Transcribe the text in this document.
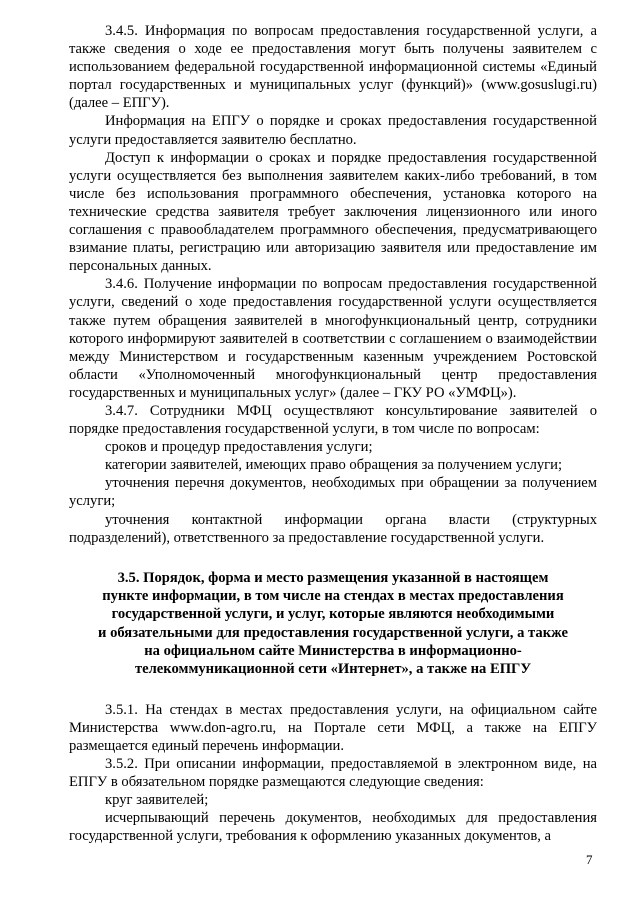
3.4.5. Информация по вопросам предоставления государственной услуги, а также сведения о ходе ее предоставления могут быть получены заявителем с использованием федеральной государственной информационной системы «Единый портал государственных и муниципальных услуг (функций)» (www.gosuslugi.ru) (далее – ЕПГУ).

Информация на ЕПГУ о порядке и сроках предоставления государственной услуги предоставляется заявителю бесплатно.

Доступ к информации о сроках и порядке предоставления государственной услуги осуществляется без выполнения заявителем каких-либо требований, в том числе без использования программного обеспечения, установка которого на технические средства заявителя требует заключения лицензионного или иного соглашения с правообладателем программного обеспечения, предусматривающего взимание платы, регистрацию или авторизацию заявителя или предоставление им персональных данных.

3.4.6. Получение информации по вопросам предоставления государственной услуги, сведений о ходе предоставления государственной услуги осуществляется также путем обращения заявителей в многофункциональный центр, сотрудники которого информируют заявителей в соответствии с соглашением о взаимодействии между Министерством и государственным казенным учреждением Ростовской области «Уполномоченный многофункциональный центр предоставления государственных и муниципальных услуг» (далее – ГКУ РО «УМФЦ»).

3.4.7. Сотрудники МФЦ осуществляют консультирование заявителей о порядке предоставления государственной услуги, в том числе по вопросам:

сроков и процедур предоставления услуги;

категории заявителей, имеющих право обращения за получением услуги;

уточнения перечня документов, необходимых при обращении за получением услуги;

уточнения контактной информации органа власти (структурных подразделений), ответственного за предоставление государственной услуги.

3.5. Порядок, форма и место размещения указанной в настоящем
пункте информации, в том числе на стендах в местах предоставления
государственной услуги, и услуг, которые являются необходимыми
и обязательными для предоставления государственной услуги, а также
на официальном сайте Министерства в информационно-
телекоммуникационной сети «Интернет», а также на ЕПГУ

3.5.1. На стендах в местах предоставления услуги, на официальном сайте Министерства www.don-agro.ru, на Портале сети МФЦ, а также на ЕПГУ размещается единый перечень информации.

3.5.2. При описании информации, предоставляемой в электронном виде, на ЕПГУ в обязательном порядке размещаются следующие сведения:

круг заявителей;

исчерпывающий перечень документов, необходимых для предоставления государственной услуги, требования к оформлению указанных документов, а

7
